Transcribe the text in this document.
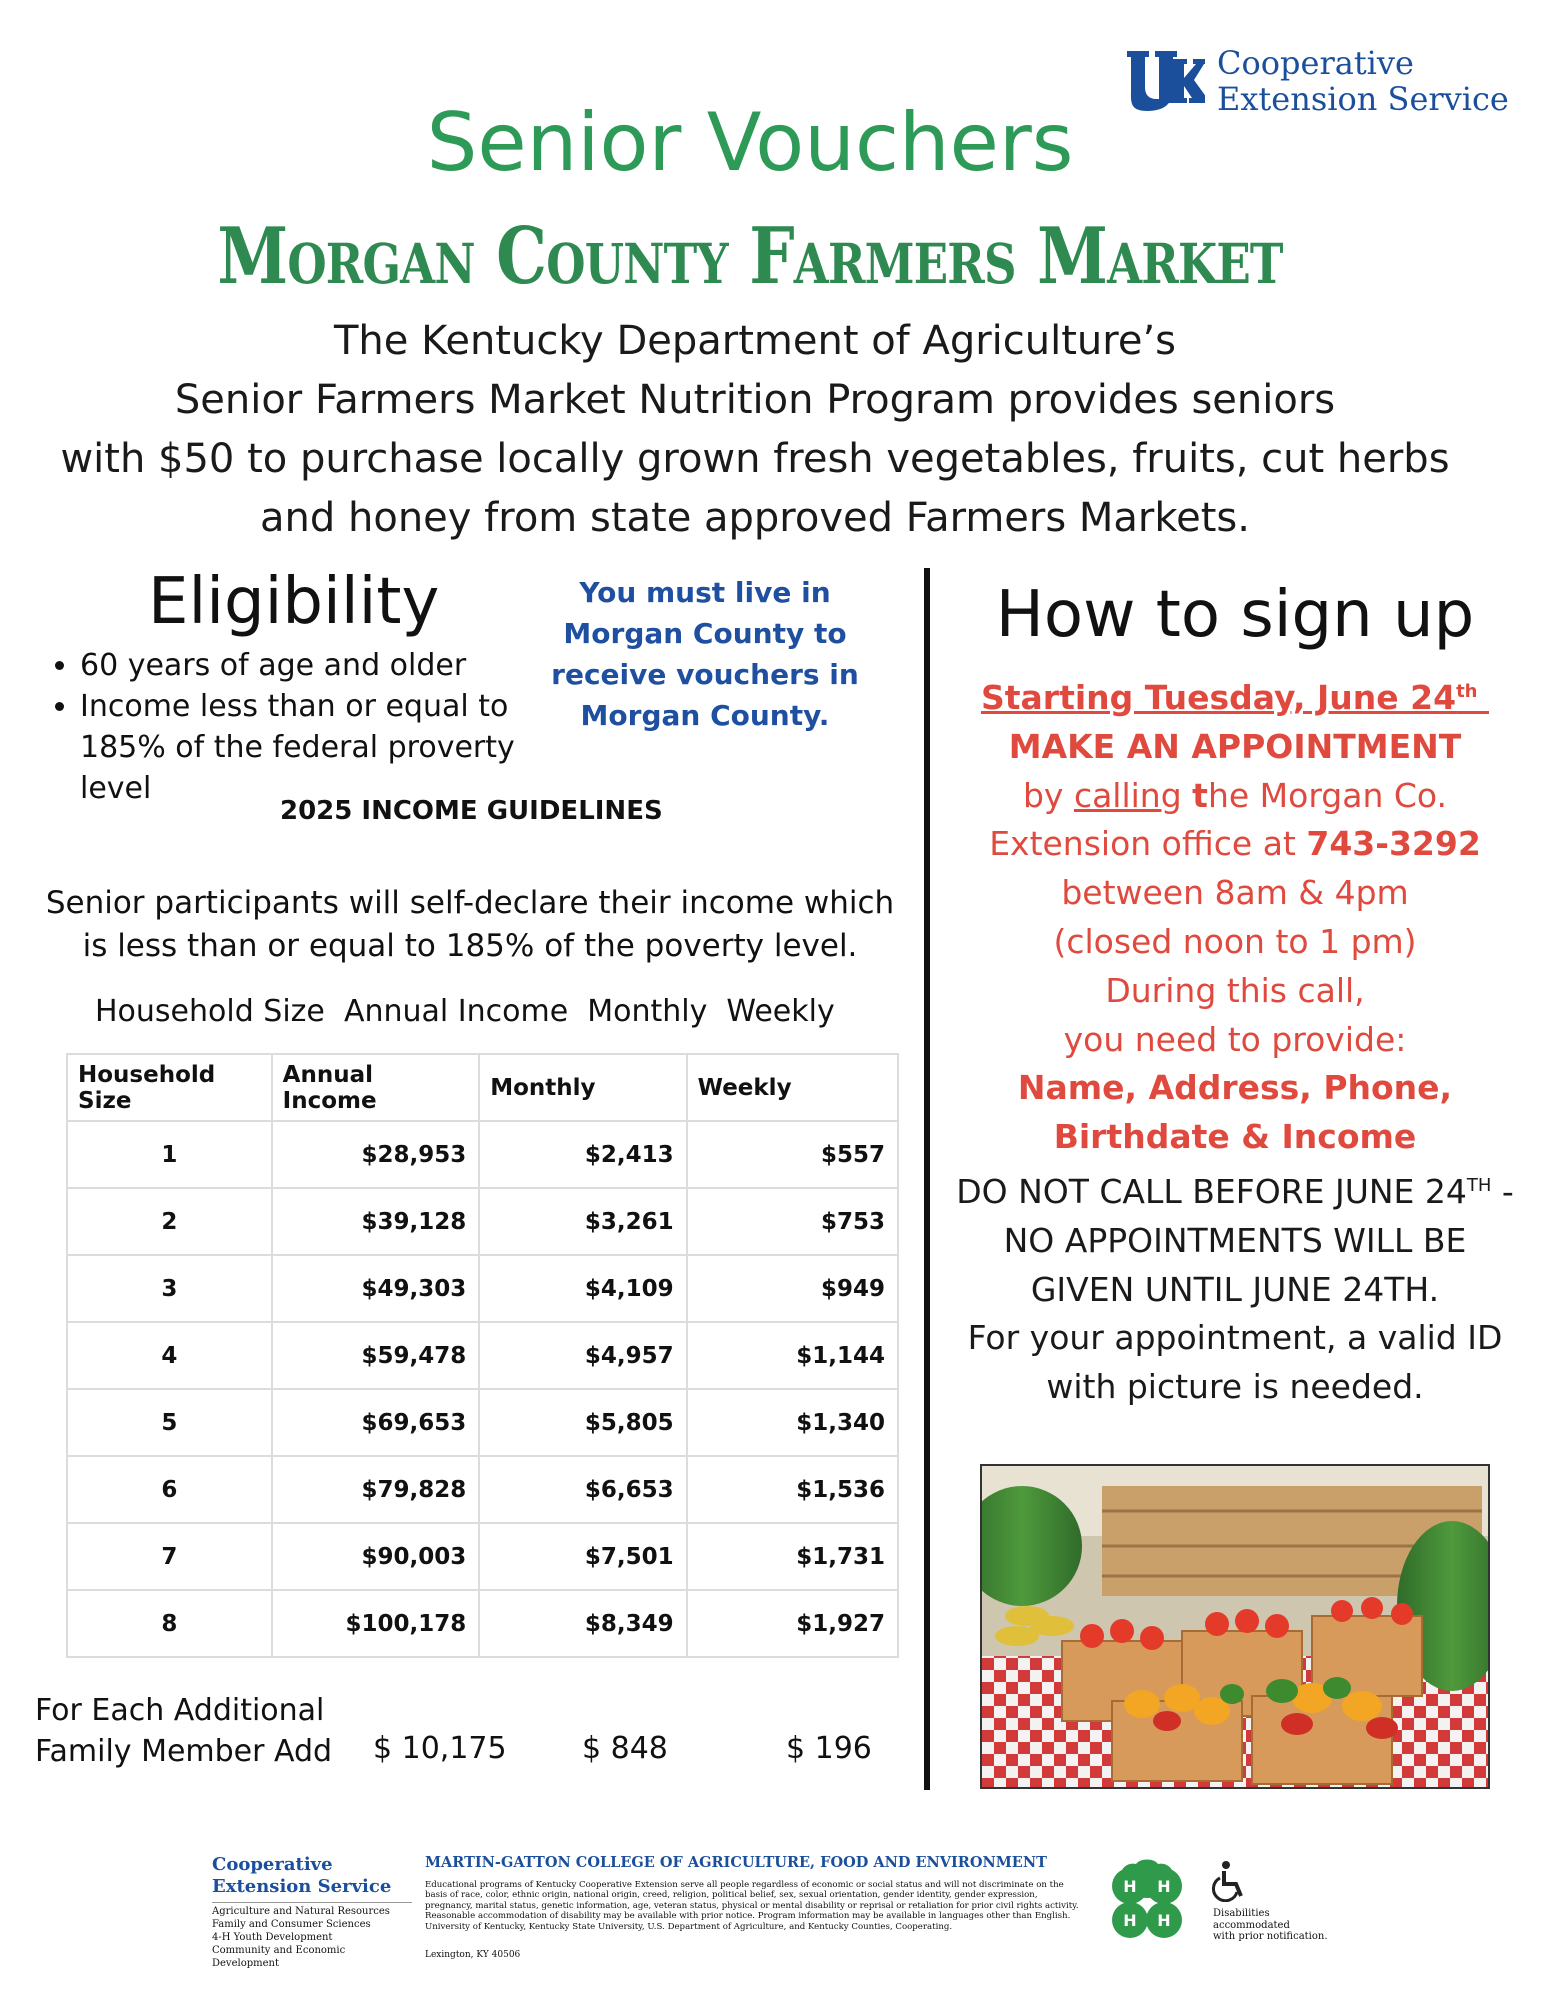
Cooperative
Extension Service
Senior Vouchers
Morgan County Farmers Market
The Kentucky Department of Agriculture’s
Senior Farmers Market Nutrition Program provides seniors
with $50 to purchase locally grown fresh vegetables, fruits, cut herbs
and honey from state approved Farmers Markets.
Eligibility
• 60 years of age and older
• Income less than or equal to 185% of the federal proverty level
You must live in Morgan County to receive vouchers in Morgan County.
2025 INCOME GUIDELINES
Senior participants will self-declare their income which
is less than or equal to 185% of the poverty level.
Household Size  Annual Income  Monthly  Weekly
Household Size	Annual Income	Monthly	Weekly
1	$28,953	$2,413	$557
2	$39,128	$3,261	$753
3	$49,303	$4,109	$949
4	$59,478	$4,957	$1,144
5	$69,653	$5,805	$1,340
6	$79,828	$6,653	$1,536
7	$90,003	$7,501	$1,731
8	$100,178	$8,349	$1,927
For Each Additional
Family Member Add $ 10,175	$ 848	$ 196
How to sign up
Starting Tuesday, June 24th
MAKE AN APPOINTMENT
by calling the Morgan Co.
Extension office at 743-3292
between 8am & 4pm
(closed noon to 1 pm)
During this call,
you need to provide:
Name, Address, Phone,
Birthdate & Income
DO NOT CALL BEFORE JUNE 24TH -
NO APPOINTMENTS WILL BE
GIVEN UNTIL JUNE 24TH.
For your appointment, a valid ID
with picture is needed.
Cooperative
Extension Service
Agriculture and Natural Resources
Family and Consumer Sciences
4-H Youth Development
Community and Economic Development
MARTIN-GATTON COLLEGE OF AGRICULTURE, FOOD AND ENVIRONMENT
Educational programs of Kentucky Cooperative Extension serve all people regardless of economic or social status and will not discriminate on the basis of race, color, ethnic origin, national origin, creed, religion, political belief, sex, sexual orientation, gender identity, gender expression, pregnancy, marital status, genetic information, age, veteran status, physical or mental disability or reprisal or retaliation for prior civil rights activity. Reasonable accommodation of disability may be available with prior notice. Program information may be available in languages other than English. University of Kentucky, Kentucky State University, U.S. Department of Agriculture, and Kentucky Counties, Cooperating.
Lexington, KY 40506
H H
H H	Disabilities
accommodated
with prior notification.
